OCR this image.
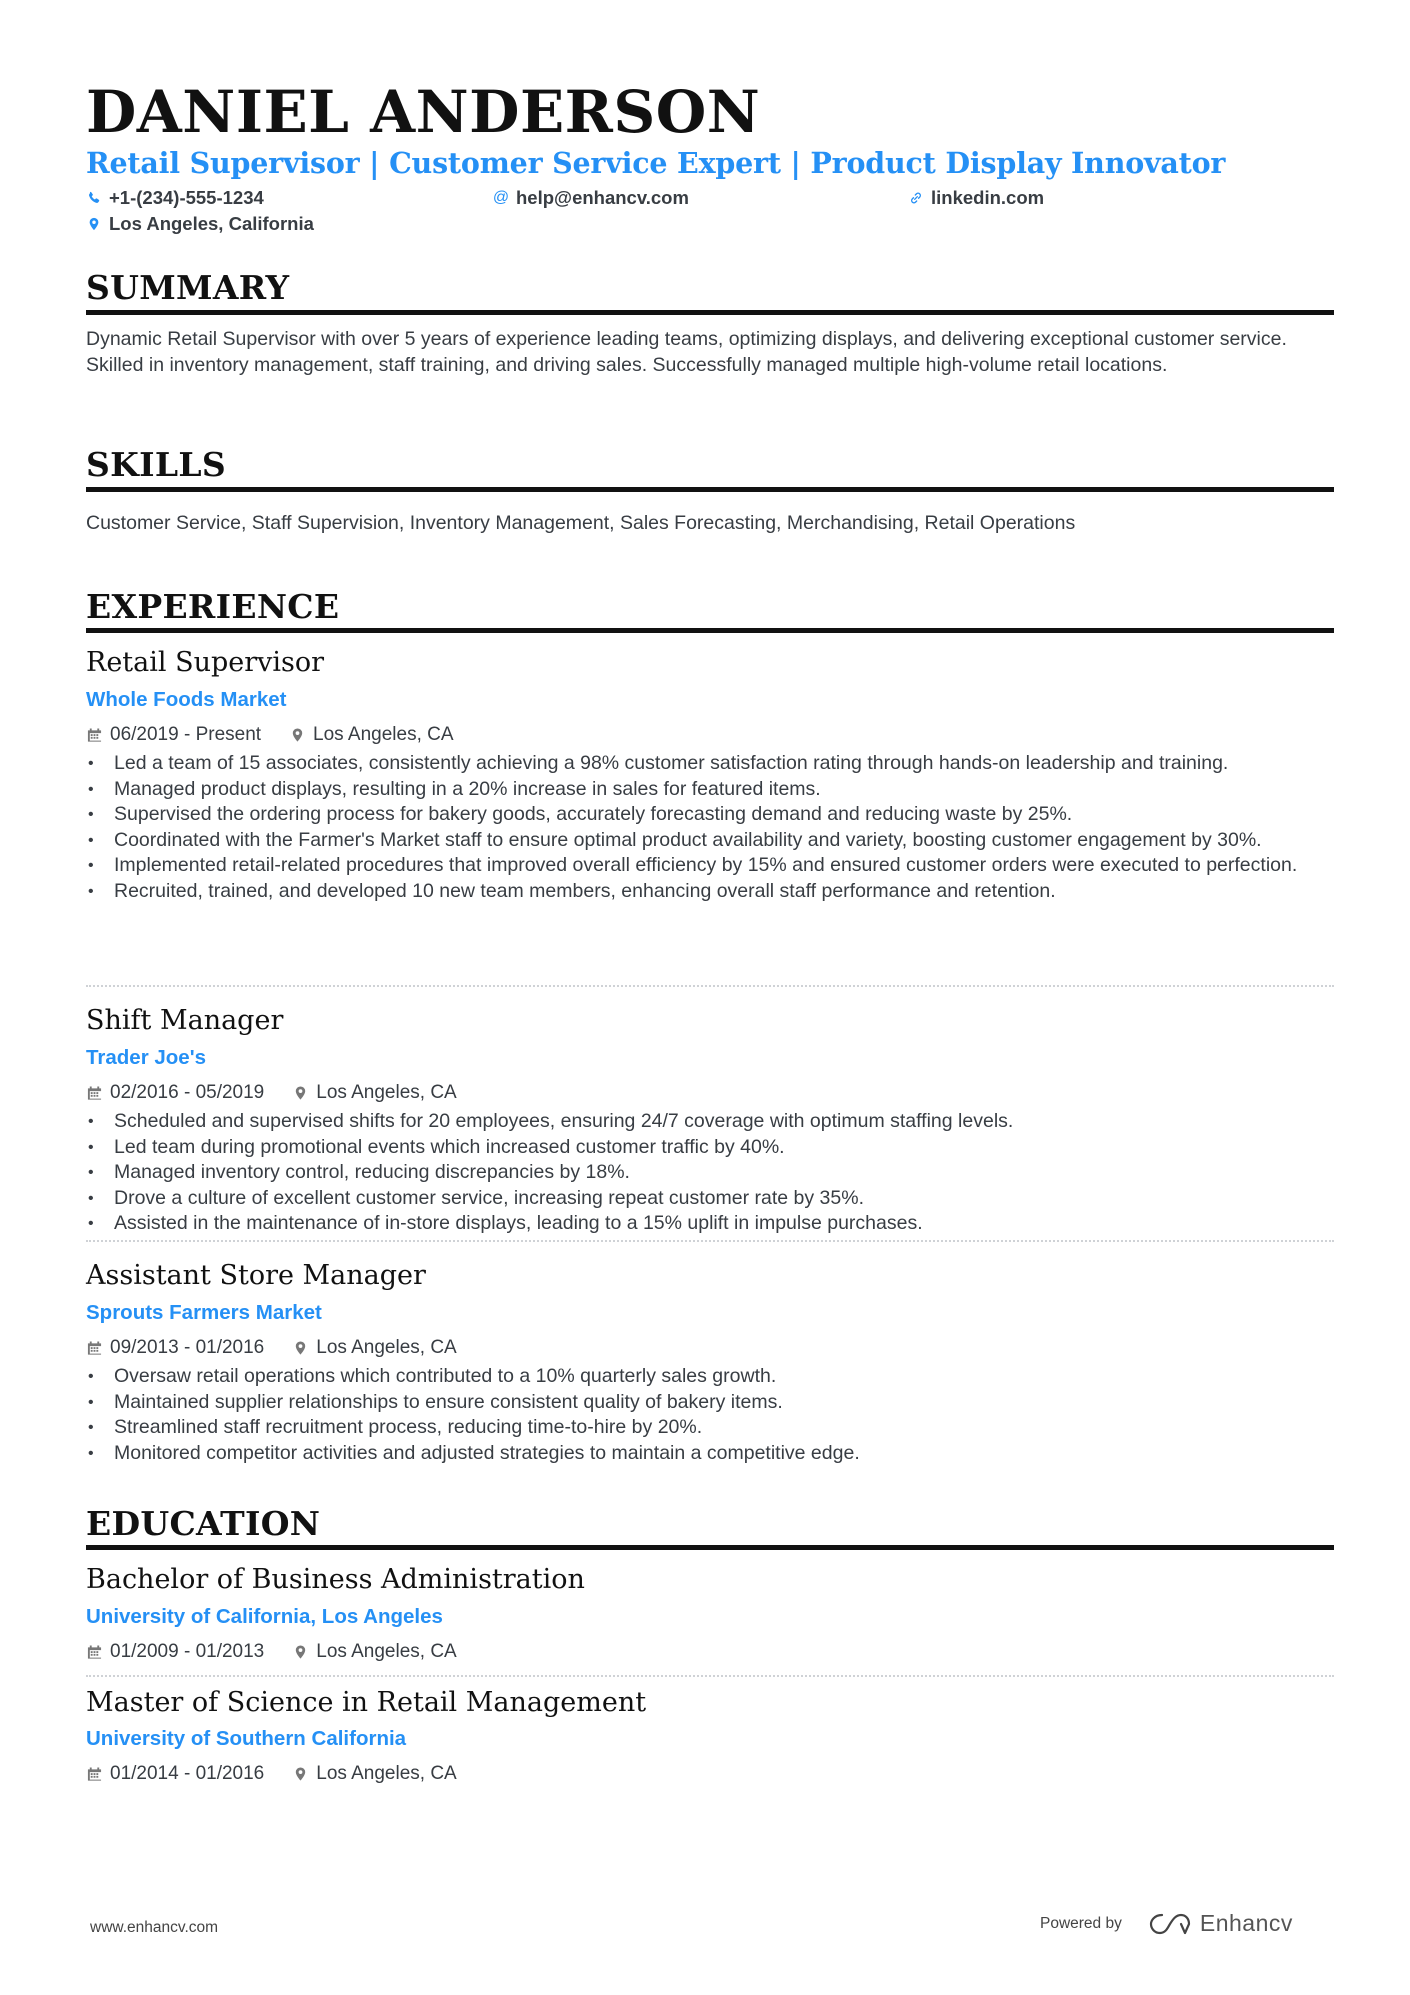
DANIEL ANDERSON
Retail Supervisor | Customer Service Expert | Product Display Innovator
+1-(234)-555-1234	@ help@enhancv.com	linkedin.com
Los Angeles, California
SUMMARY
Dynamic Retail Supervisor with over 5 years of experience leading teams, optimizing displays, and delivering exceptional customer service. Skilled in inventory management, staff training, and driving sales. Successfully managed multiple high-volume retail locations.
SKILLS
Customer Service, Staff Supervision, Inventory Management, Sales Forecasting, Merchandising, Retail Operations
EXPERIENCE
Retail Supervisor
Whole Foods Market
06/2019 - Present	Los Angeles, CA
• Led a team of 15 associates, consistently achieving a 98% customer satisfaction rating through hands-on leadership and training.
• Managed product displays, resulting in a 20% increase in sales for featured items.
• Supervised the ordering process for bakery goods, accurately forecasting demand and reducing waste by 25%.
• Coordinated with the Farmer's Market staff to ensure optimal product availability and variety, boosting customer engagement by 30%.
• Implemented retail-related procedures that improved overall efficiency by 15% and ensured customer orders were executed to perfection.
• Recruited, trained, and developed 10 new team members, enhancing overall staff performance and retention.
Shift Manager
Trader Joe's
02/2016 - 05/2019	Los Angeles, CA
• Scheduled and supervised shifts for 20 employees, ensuring 24/7 coverage with optimum staffing levels.
• Led team during promotional events which increased customer traffic by 40%.
• Managed inventory control, reducing discrepancies by 18%.
• Drove a culture of excellent customer service, increasing repeat customer rate by 35%.
• Assisted in the maintenance of in-store displays, leading to a 15% uplift in impulse purchases.
Assistant Store Manager
Sprouts Farmers Market
09/2013 - 01/2016	Los Angeles, CA
• Oversaw retail operations which contributed to a 10% quarterly sales growth.
• Maintained supplier relationships to ensure consistent quality of bakery items.
• Streamlined staff recruitment process, reducing time-to-hire by 20%.
• Monitored competitor activities and adjusted strategies to maintain a competitive edge.
EDUCATION
Bachelor of Business Administration
University of California, Los Angeles
01/2009 - 01/2013	Los Angeles, CA
Master of Science in Retail Management
University of Southern California
01/2014 - 01/2016	Los Angeles, CA
www.enhancv.com	Powered by	Enhancv
